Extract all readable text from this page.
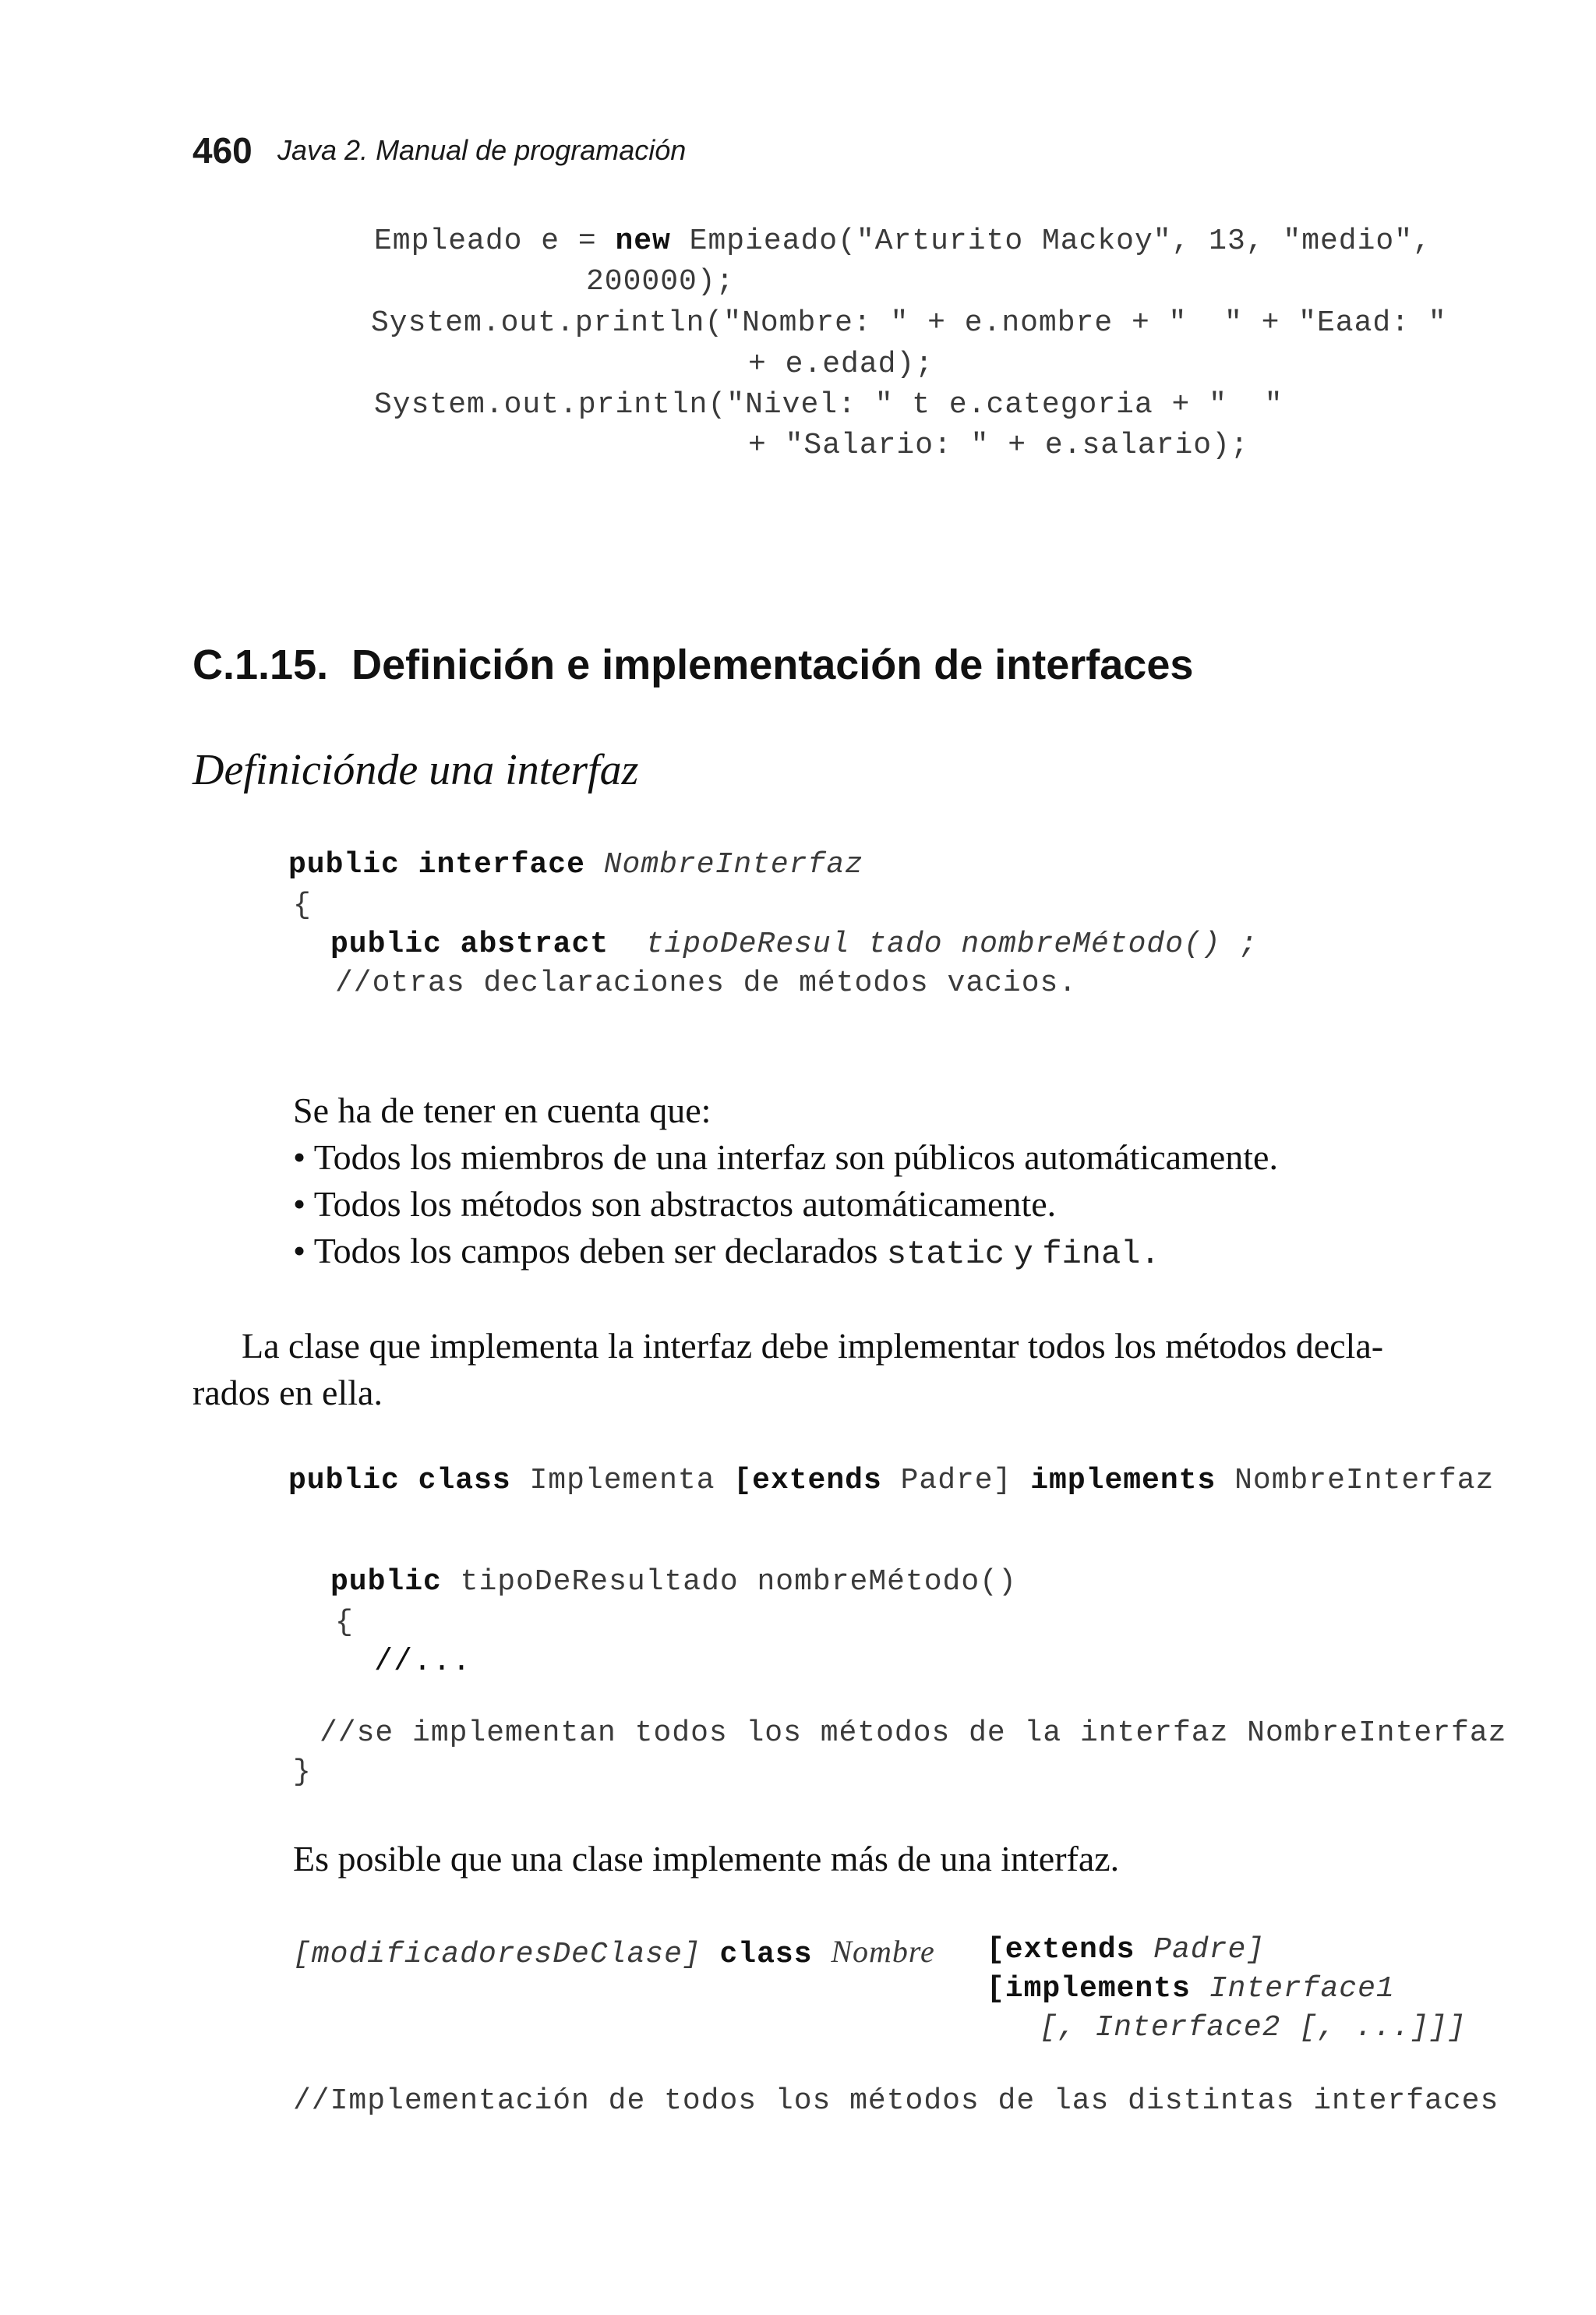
460 Java 2. Manual de programación
Empleado e = new Empieado("Arturito Mackoy", 13, "medio",
200000);
System.out.println("Nombre: " + e.nombre + "  " + "Eaad: "
+ e.edad);
System.out.println("Nivel: " t e.categoria + "  "
+ "Salario: " + e.salario);
C.1.15.  Definición e implementación de interfaces
Definiciónde una interfaz
public interface NombreInterfaz
{
public abstract tipoDeResul tado nombreMétodo() ;
//otras declaraciones de métodos vacios.
Se ha de tener en cuenta que:
• Todos los miembros de una interfaz son públicos automáticamente.
• Todos los métodos son abstractos automáticamente.
• Todos los campos deben ser declarados static y final.
La clase que implementa la interfaz debe implementar todos los métodos decla-
rados en ella.
public class Implementa [extends Padre] implements NombreInterfaz
public tipoDeResultado nombreMétodo()
{
//...
//se implementan todos los métodos de la interfaz NombreInterfaz
}
Es posible que una clase implemente más de una interfaz.
[modificadoresDeClase] class Nombre [extends Padre]
[implements Interface1
[, Interface2 [, ...]]]
//Implementación de todos los métodos de las distintas interfaces
